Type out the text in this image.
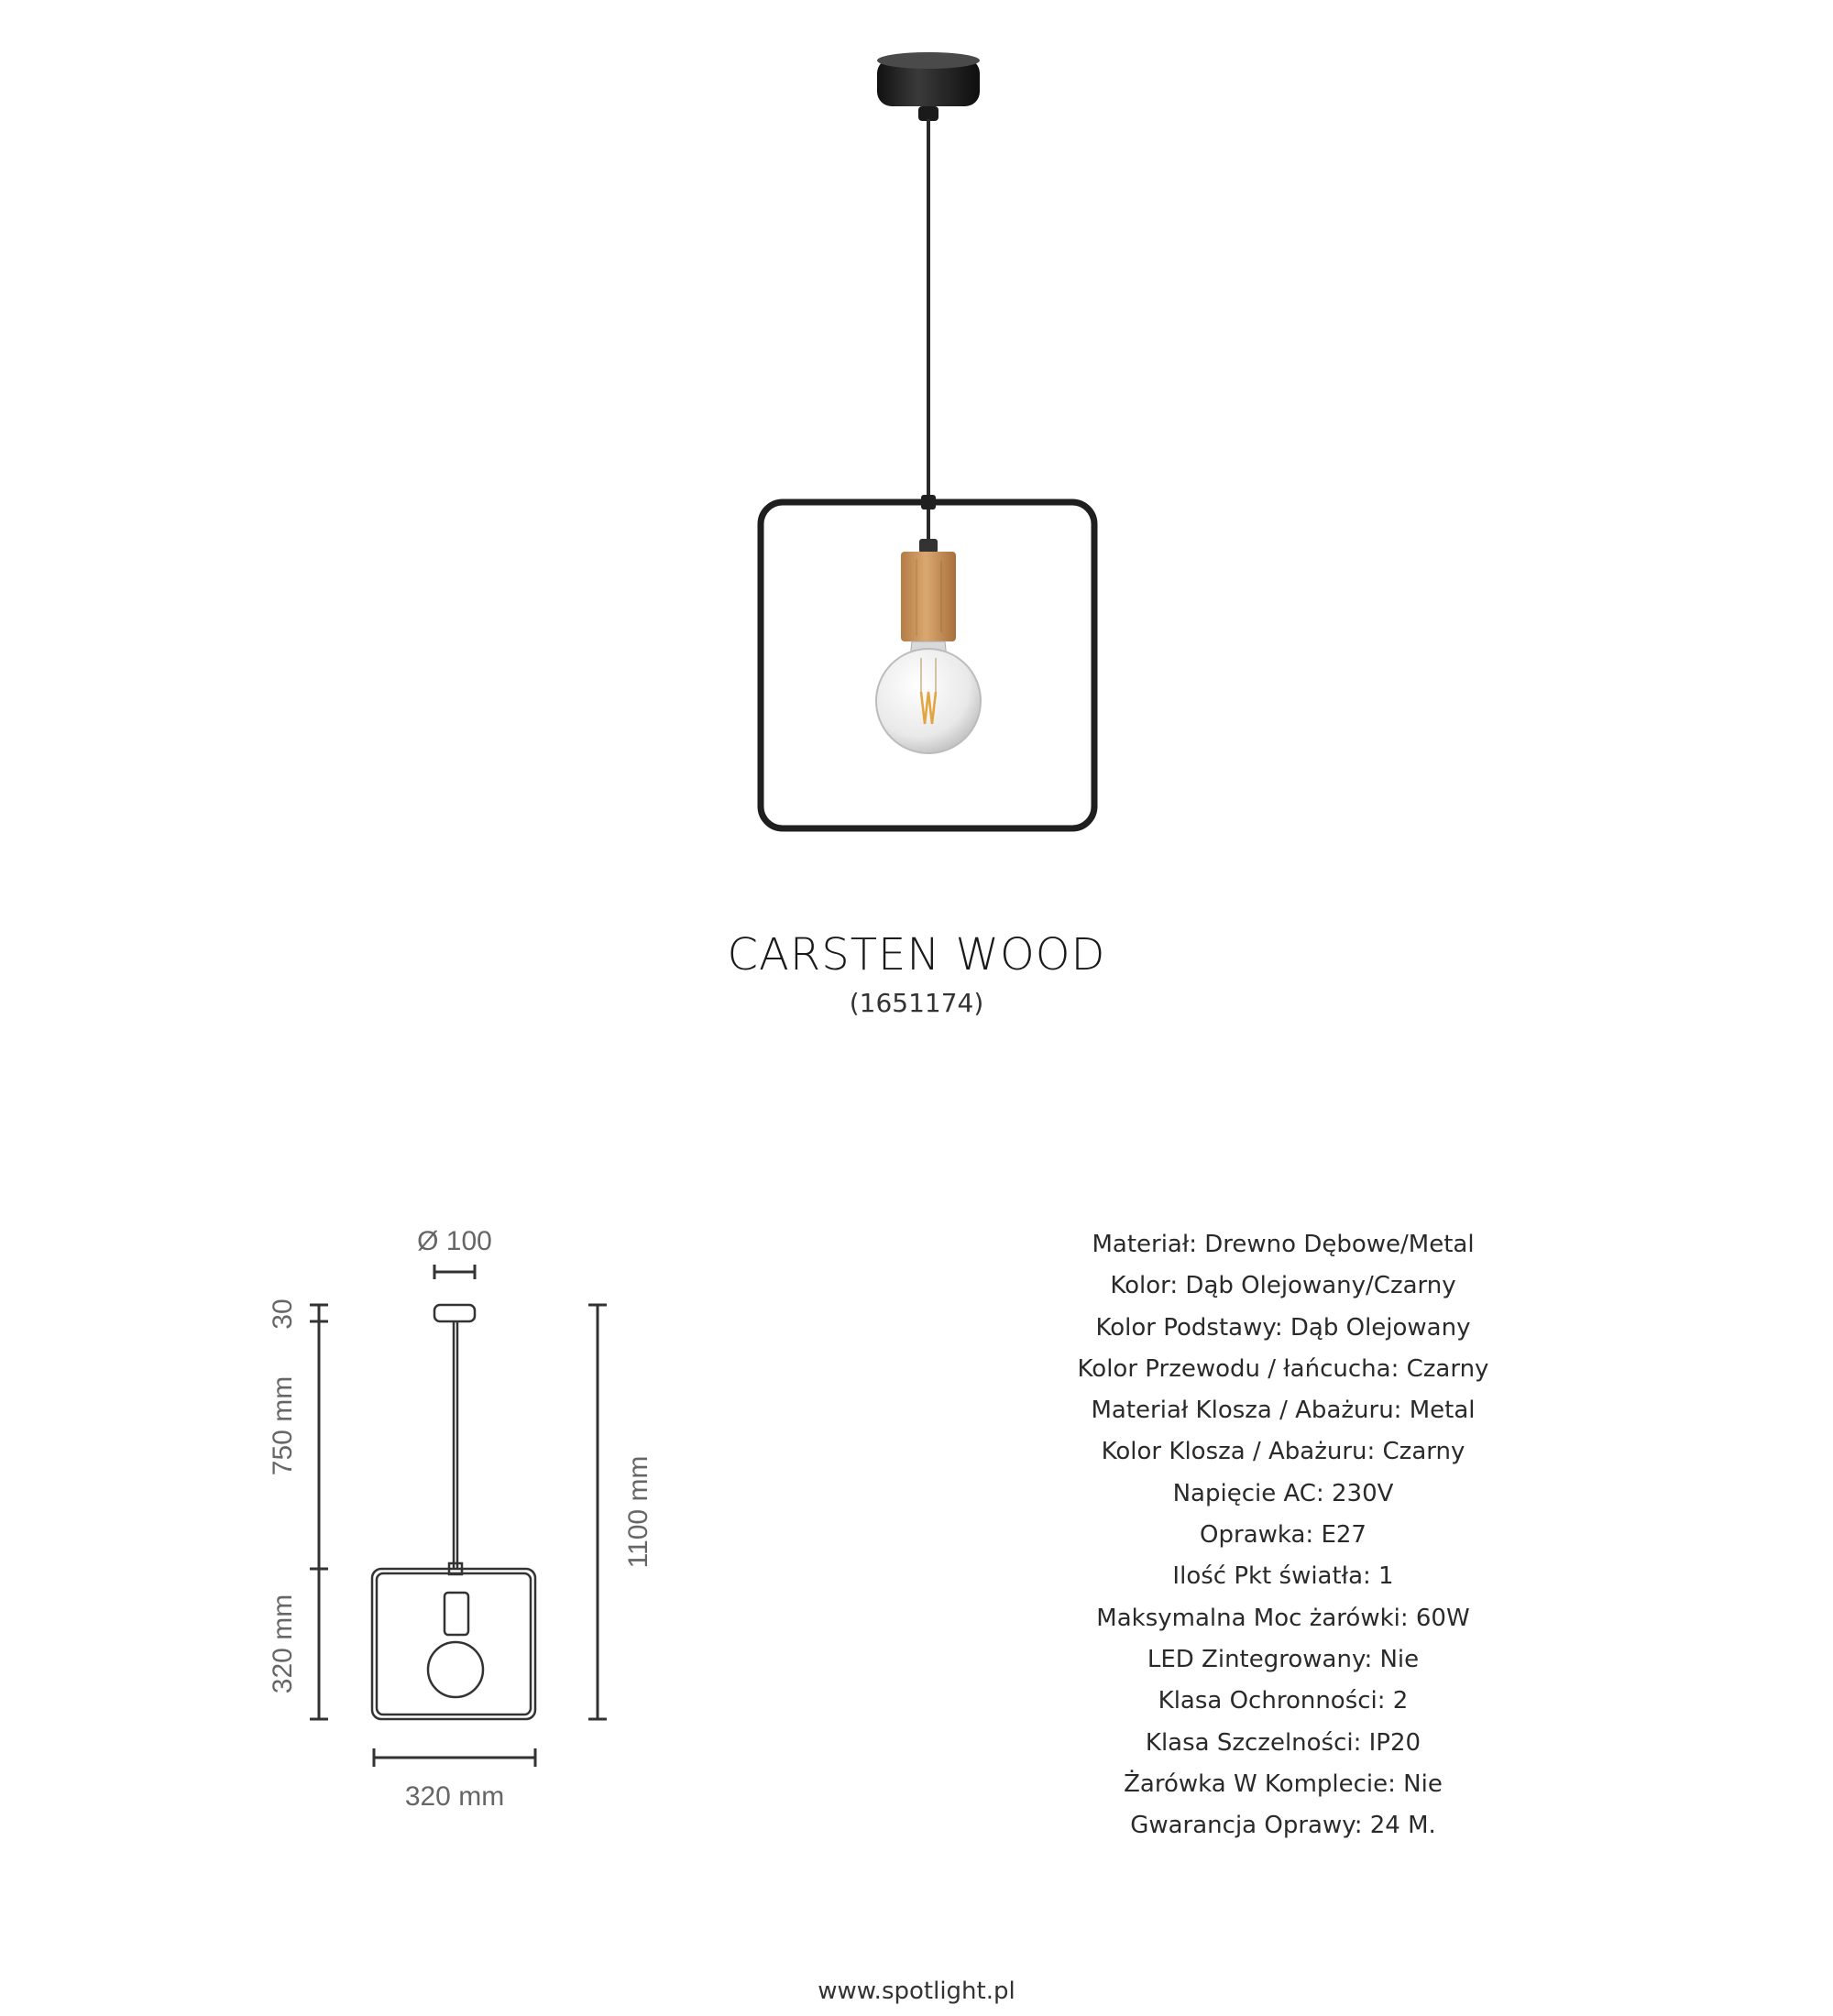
CARSTEN WOOD
(1651174)
Ø 100
30
750 mm
320 mm
1100 mm
320 mm
Materiał: Drewno Dębowe/Metal
Kolor: Dąb Olejowany/Czarny
Kolor Podstawy: Dąb Olejowany
Kolor Przewodu / łańcucha: Czarny
Materiał Klosza / Abażuru: Metal
Kolor Klosza / Abażuru: Czarny
Napięcie AC: 230V
Oprawka: E27
Ilość Pkt światła: 1
Maksymalna Moc żarówki: 60W
LED Zintegrowany: Nie
Klasa Ochronności: 2
Klasa Szczelności: IP20
Żarówka W Komplecie: Nie
Gwarancja Oprawy: 24 M.
www.spotlight.pl
